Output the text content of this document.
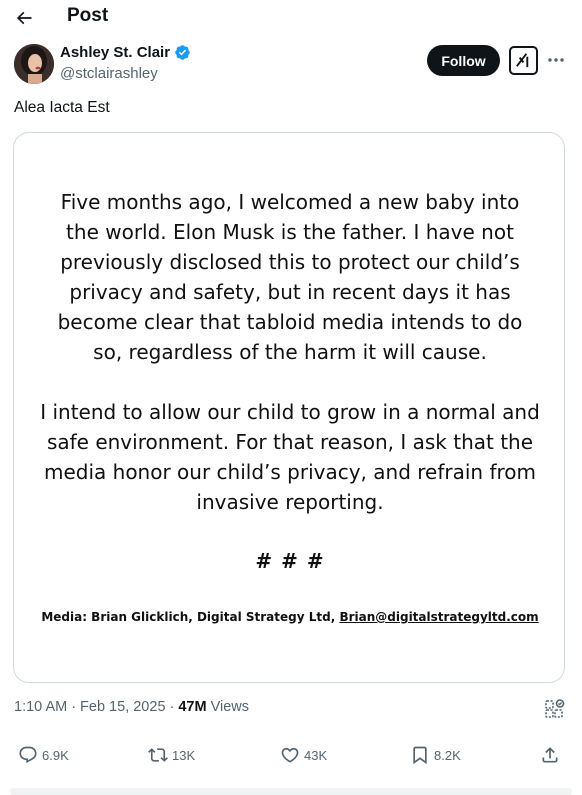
Post
Ashley St. Clair
@stclairashley
Follow
Alea Iacta Est

Five months ago, I welcomed a new baby into the world. Elon Musk is the father. I have not previously disclosed this to protect our child’s privacy and safety, but in recent days it has become clear that tabloid media intends to do so, regardless of the harm it will cause.

I intend to allow our child to grow in a normal and safe environment. For that reason, I ask that the media honor our child’s privacy, and refrain from invasive reporting.

# # #
Media: Brian Glicklich, Digital Strategy Ltd, Brian@digitalstrategyltd.com
1:10 AM · Feb 15, 2025 · 47M Views
6.9K	13K	43K	8.2K
